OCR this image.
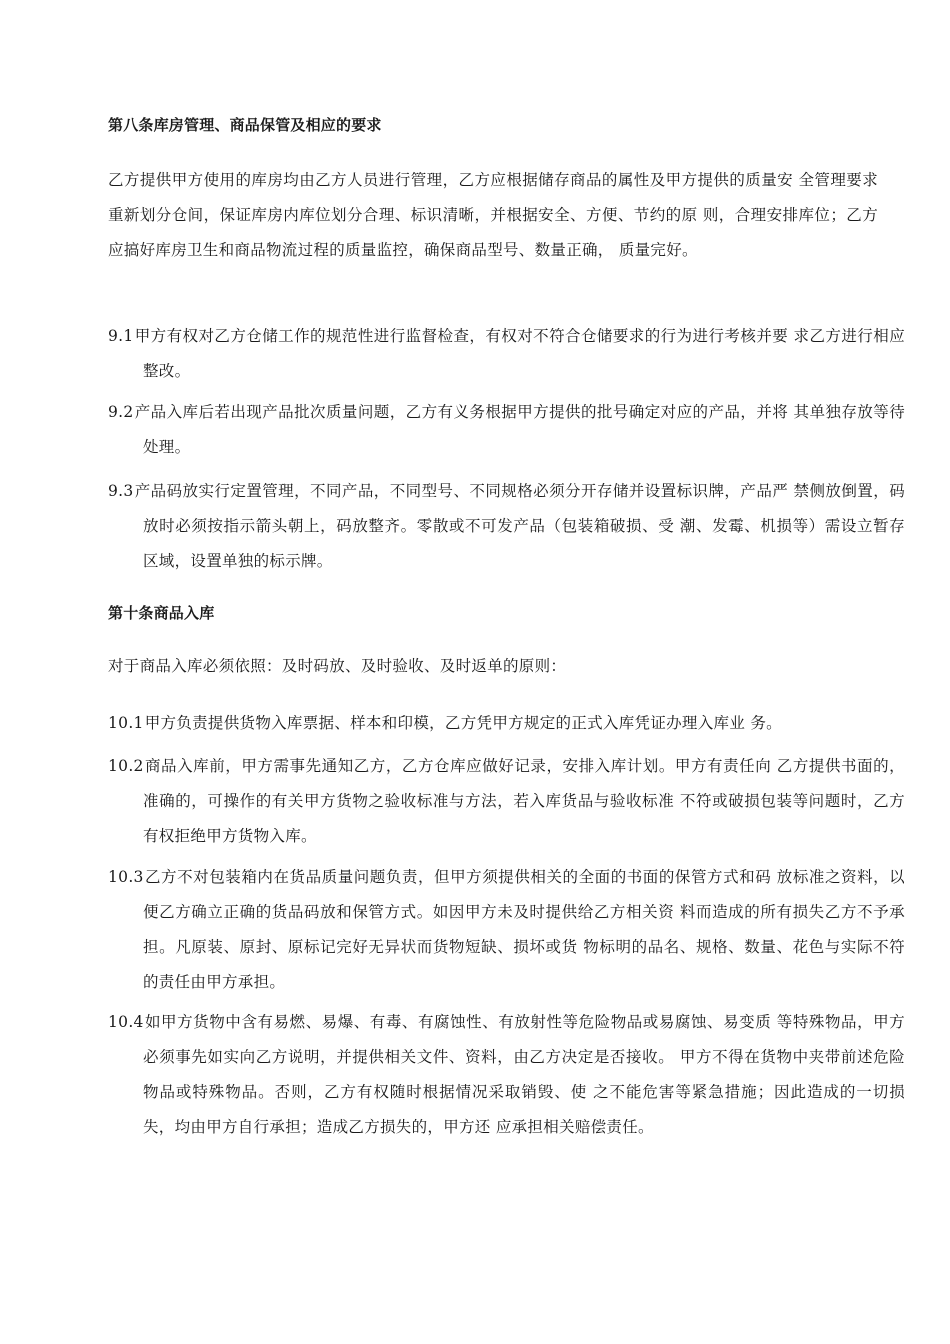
第八条库房管理、商品保管及相应的要求
乙方提供甲方使用的库房均由乙方人员进行管理，乙方应根据储存商品的属性及甲方提供的质量安 全管理要求重新划分仓间，保证库房内库位划分合理、标识清晰，并根据安全、方便、节约的原 则，合理安排库位；乙方应搞好库房卫生和商品物流过程的质量监控，确保商品型号、数量正确， 质量完好。
9.1甲方有权对乙方仓储工作的规范性进行监督检查，有权对不符合仓储要求的行为进行考核并要 求乙方进行相应整改。
9.2产品入库后若出现产品批次质量问题，乙方有义务根据甲方提供的批号确定对应的产品，并将 其单独存放等待处理。
9.3产品码放实行定置管理，不同产品，不同型号、不同规格必须分开存储并设置标识牌，产品严 禁侧放倒置，码放时必须按指示箭头朝上，码放整齐。零散或不可发产品（包装箱破损、受 潮、发霉、机损等）需设立暂存区域，设置单独的标示牌。
第十条商品入库
对于商品入库必须依照：及时码放、及时验收、及时返单的原则：
10.1甲方负责提供货物入库票据、样本和印模，乙方凭甲方规定的正式入库凭证办理入库业 务。
10.2商品入库前，甲方需事先通知乙方，乙方仓库应做好记录，安排入库计划。甲方有责任向 乙方提供书面的，准确的，可操作的有关甲方货物之验收标准与方法，若入库货品与验收标准 不符或破损包装等问题时，乙方有权拒绝甲方货物入库。
10.3乙方不对包装箱内在货品质量问题负责，但甲方须提供相关的全面的书面的保管方式和码 放标准之资料，以便乙方确立正确的货品码放和保管方式。如因甲方未及时提供给乙方相关资 料而造成的所有损失乙方不予承担。凡原装、原封、原标记完好无异状而货物短缺、损坏或货 物标明的品名、规格、数量、花色与实际不符的责任由甲方承担。
10.4如甲方货物中含有易燃、易爆、有毒、有腐蚀性、有放射性等危险物品或易腐蚀、易变质 等特殊物品，甲方必须事先如实向乙方说明，并提供相关文件、资料，由乙方决定是否接收。 甲方不得在货物中夹带前述危险物品或特殊物品。否则，乙方有权随时根据情况采取销毁、使 之不能危害等紧急措施；因此造成的一切损失，均由甲方自行承担；造成乙方损失的，甲方还 应承担相关赔偿责任。
